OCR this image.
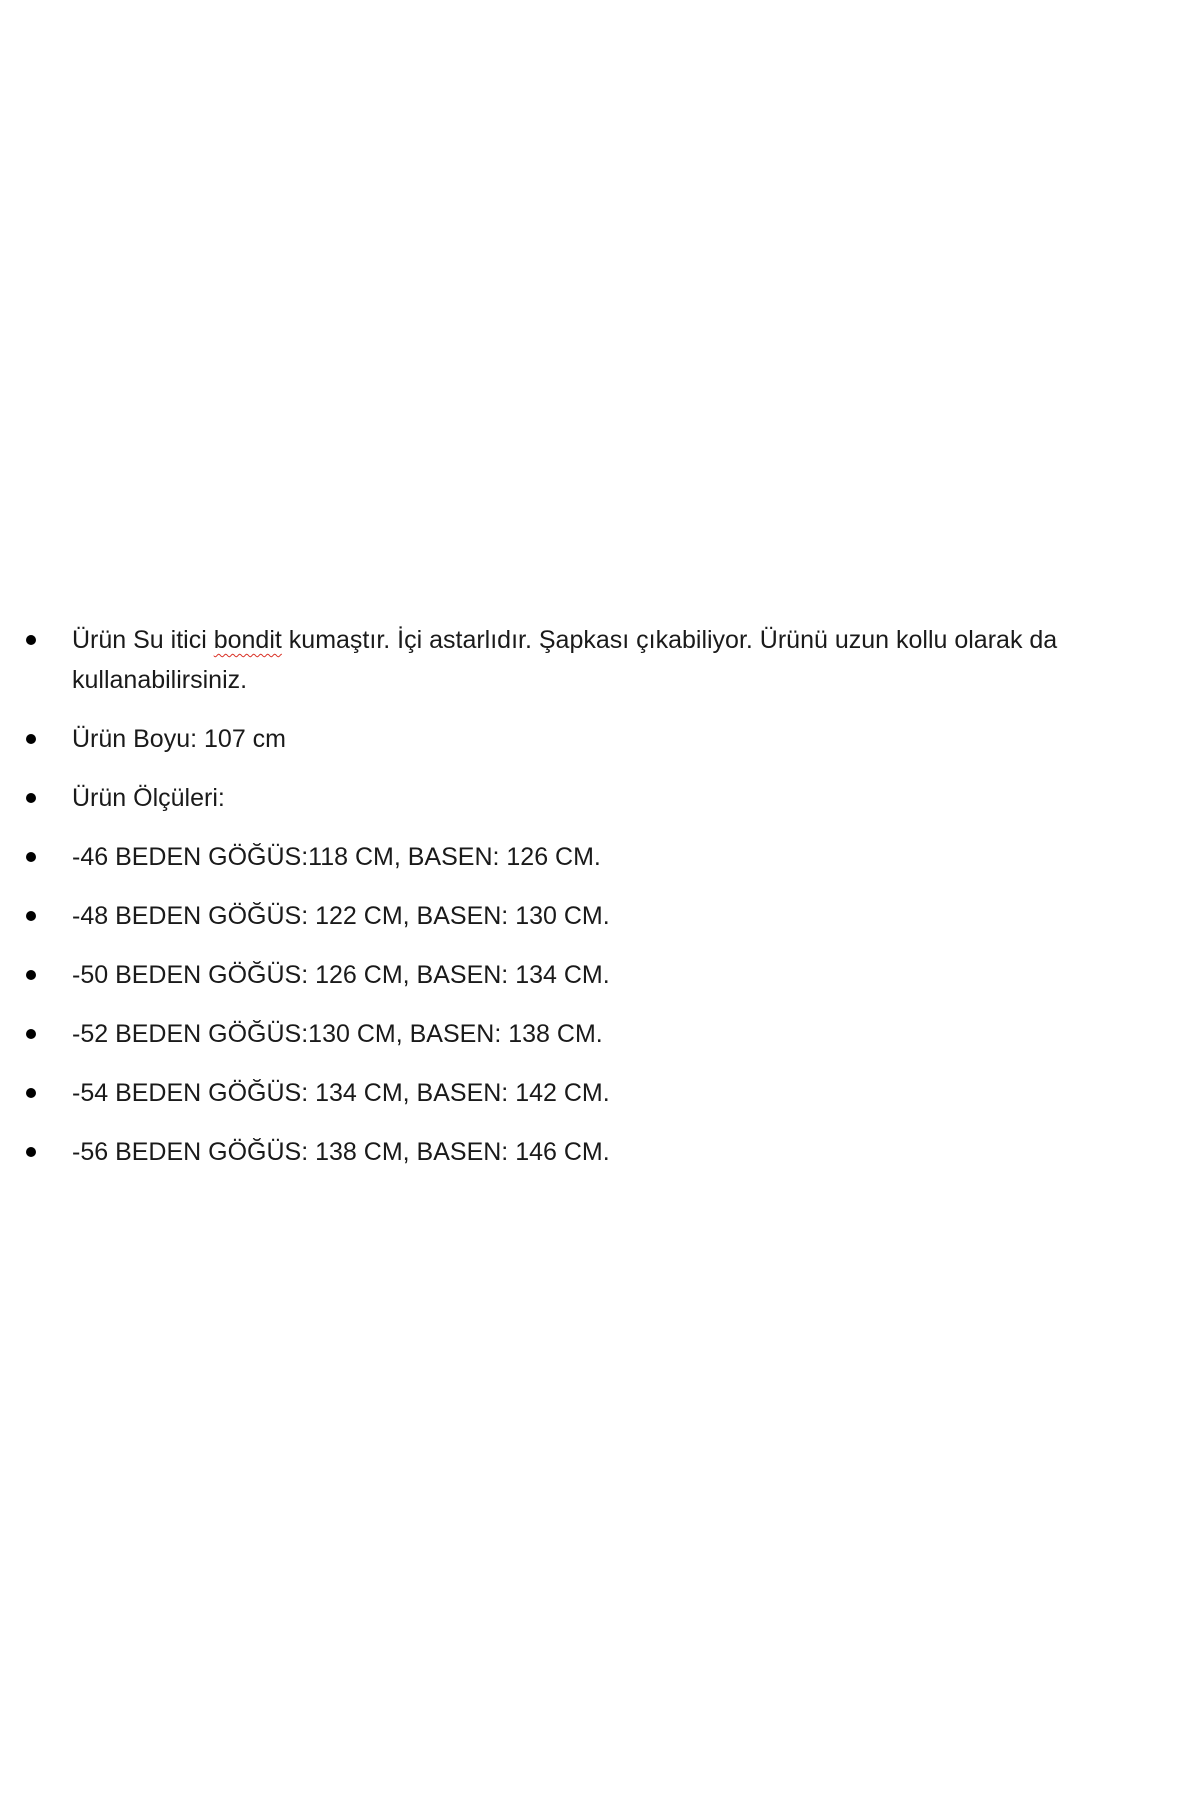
Ürün Su itici bondit kumaştır. İçi astarlıdır. Şapkası çıkabiliyor. Ürünü uzun kollu olarak da kullanabilirsiniz.
Ürün Boyu: 107 cm
Ürün Ölçüleri:
-46 BEDEN GÖĞÜS:118 CM, BASEN: 126 CM.
-48 BEDEN GÖĞÜS: 122 CM, BASEN: 130 CM.
-50 BEDEN GÖĞÜS: 126 CM, BASEN: 134 CM.
-52 BEDEN GÖĞÜS:130 CM, BASEN: 138 CM.
-54 BEDEN GÖĞÜS: 134 CM, BASEN: 142 CM.
-56 BEDEN GÖĞÜS: 138 CM, BASEN: 146 CM.
